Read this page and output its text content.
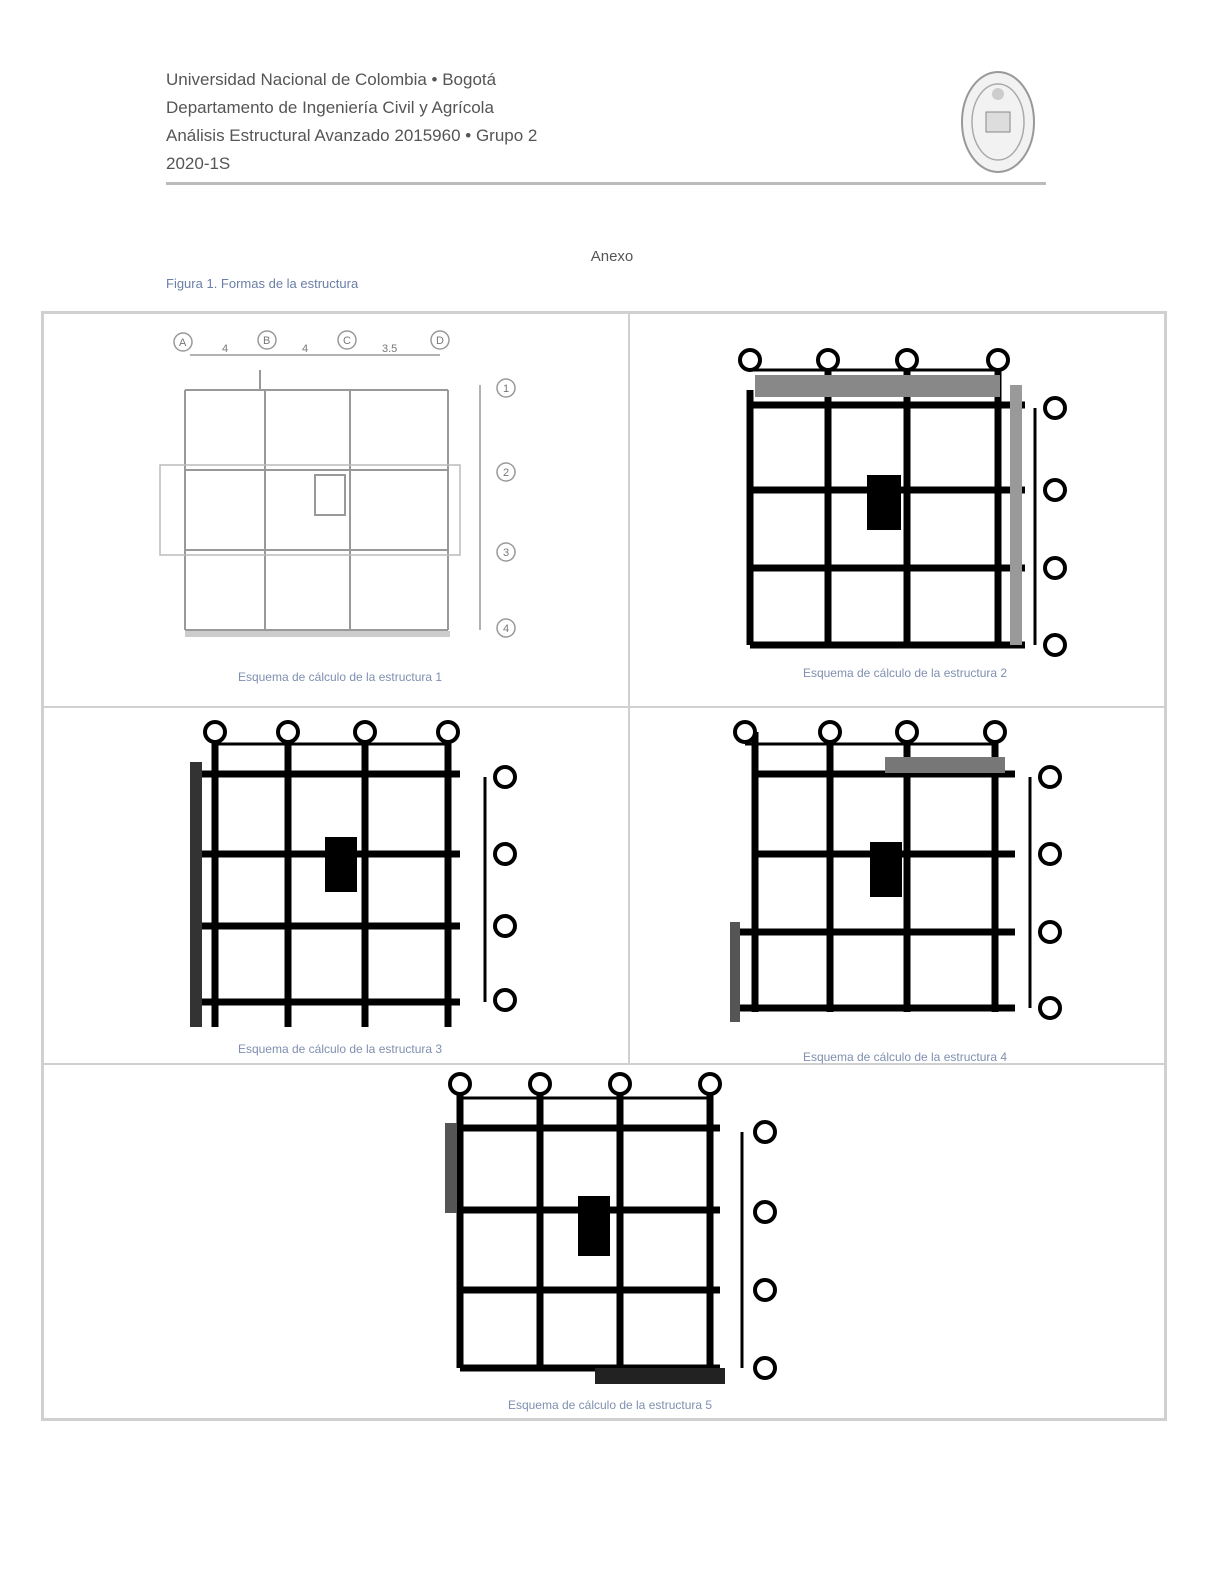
Universidad Nacional de Colombia • Bogotá
Departamento de Ingeniería Civil y Agrícola
Análisis Estructural Avanzado 2015960 • Grupo 2
2020-1S
Anexo
Figura 1. Formas de la estructura
A	B	C	D
1
2
3
4
4	4	3.5
Esquema de cálculo de la estructura 1	Esquema de cálculo de la estructura 2
Esquema de cálculo de la estructura 3
Esquema de cálculo de la estructura 4
Esquema de cálculo de la estructura 5
